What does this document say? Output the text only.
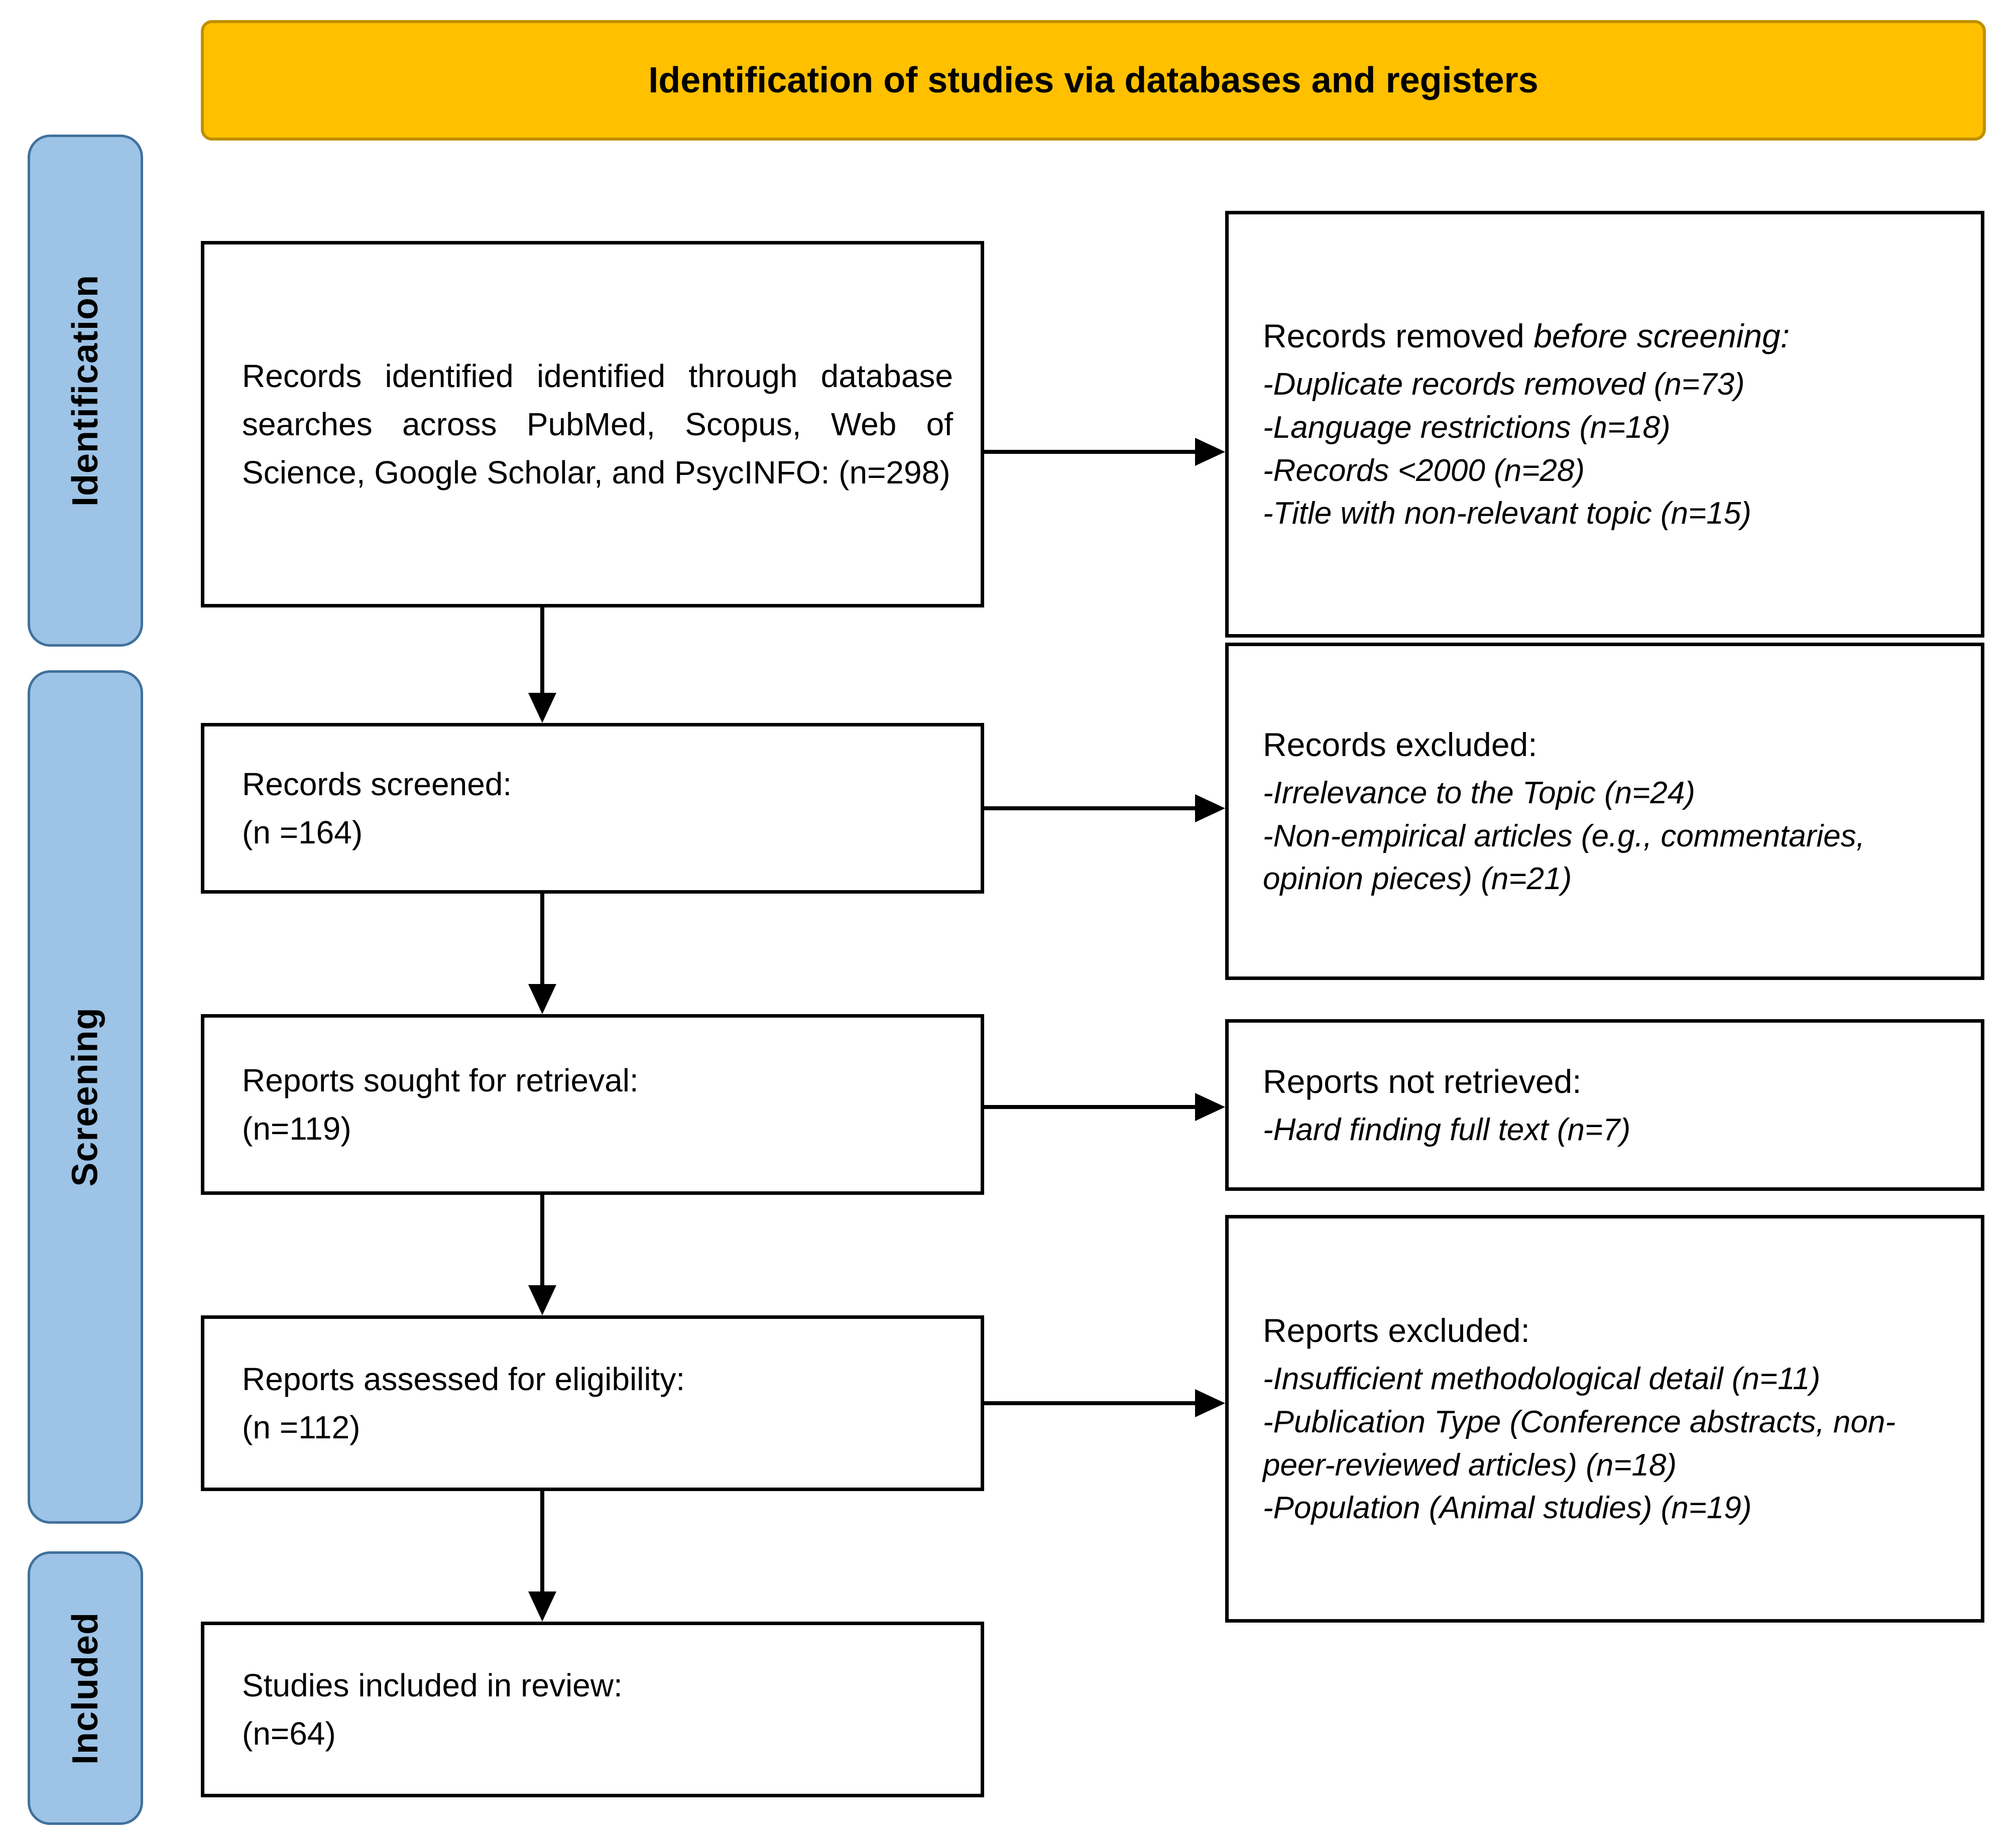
Identification of studies via databases and registers
Identification
Screening
Included
Records identified identified through database searches across PubMed, Scopus, Web of Science, Google Scholar, and PsycINFO: (n=298)
Records screened:
(n =164)
Reports sought for retrieval:
(n=119)
Reports assessed for eligibility:
(n =112)
Studies included in review:
(n=64)
Records removed before screening:
-Duplicate records removed (n=73)
-Language restrictions (n=18)
-Records <2000 (n=28)
-Title with non-relevant topic (n=15)
Records excluded:
-Irrelevance to the Topic (n=24)
-Non-empirical articles (e.g., commentaries, opinion pieces) (n=21)
Reports not retrieved:
-Hard finding full text (n=7)
Reports excluded:
-Insufficient methodological detail (n=11)
-Publication Type (Conference abstracts, non-peer-reviewed articles) (n=18)
-Population (Animal studies) (n=19)
